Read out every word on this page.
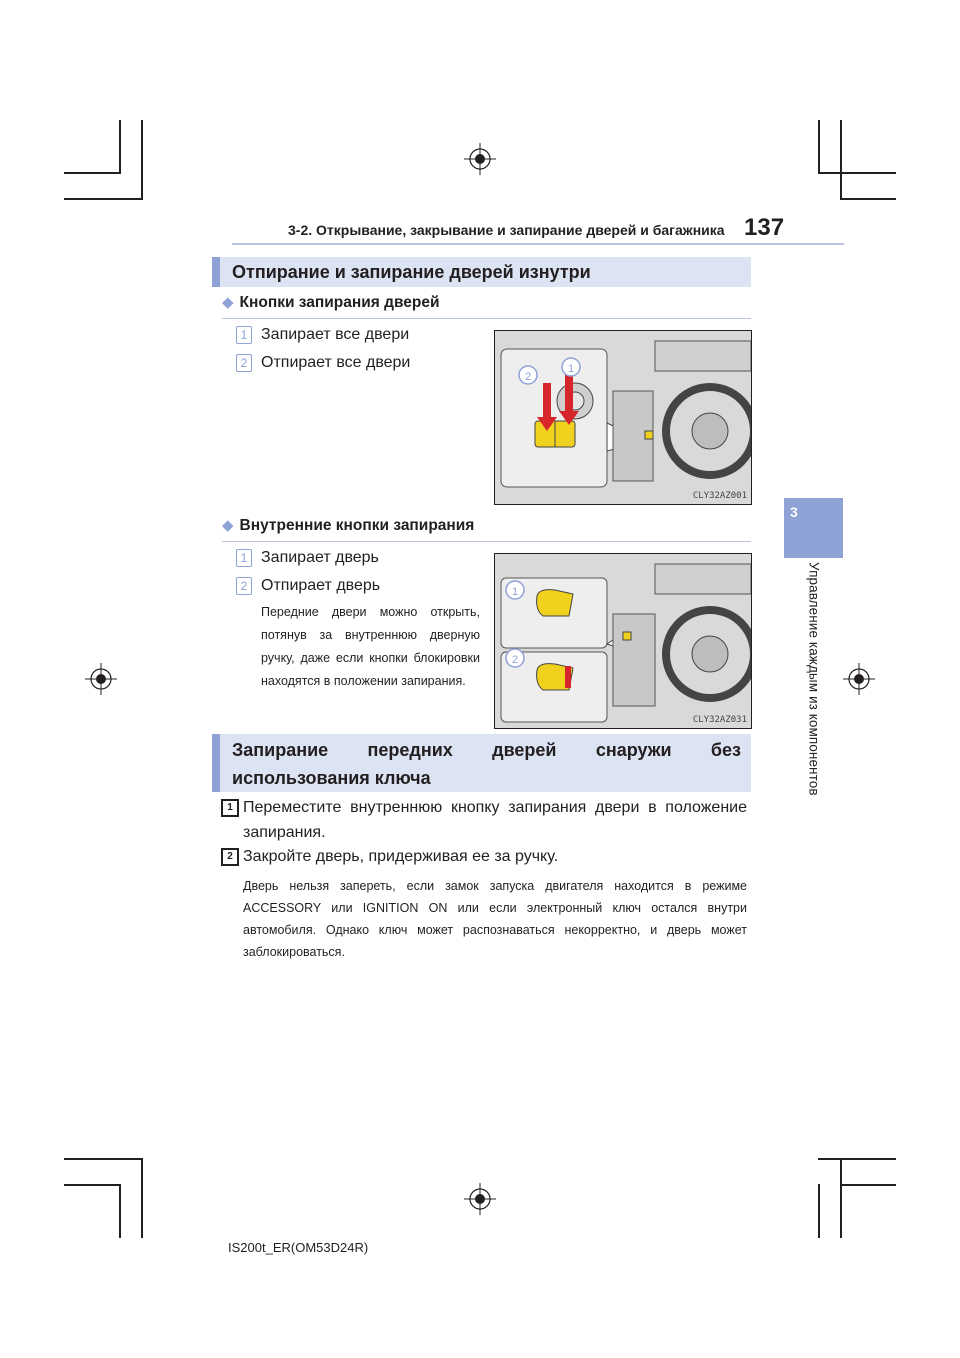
3-2. Открывание, закрывание и запирание дверей и багажника 137
3
Управление каждым из компонентов
Отпирание и запирание дверей изнутри
◆ Кнопки запирания дверей
1 Запирает все двери
2 Отпирает все двери
2
1
CLY32AZ001
◆ Внутренние кнопки запирания
1 Запирает дверь
2 Отпирает дверь
Передние двери можно открыть, потянув за внутреннюю дверную ручку, даже если кнопки блокировки находятся в положении запирания.
1
2
CLY32AZ031
Запирание передних дверей снаружи без использования ключа
1 Переместите внутреннюю кнопку запирания двери в положение запирания.
2 Закройте дверь, придерживая ее за ручку.
Дверь нельзя запереть, если замок запуска двигателя находится в режиме ACCESSORY или IGNITION ON или если электронный ключ остался внутри автомобиля. Однако ключ может распознаваться некорректно, и дверь может заблокироваться.
IS200t_ER(OM53D24R)
